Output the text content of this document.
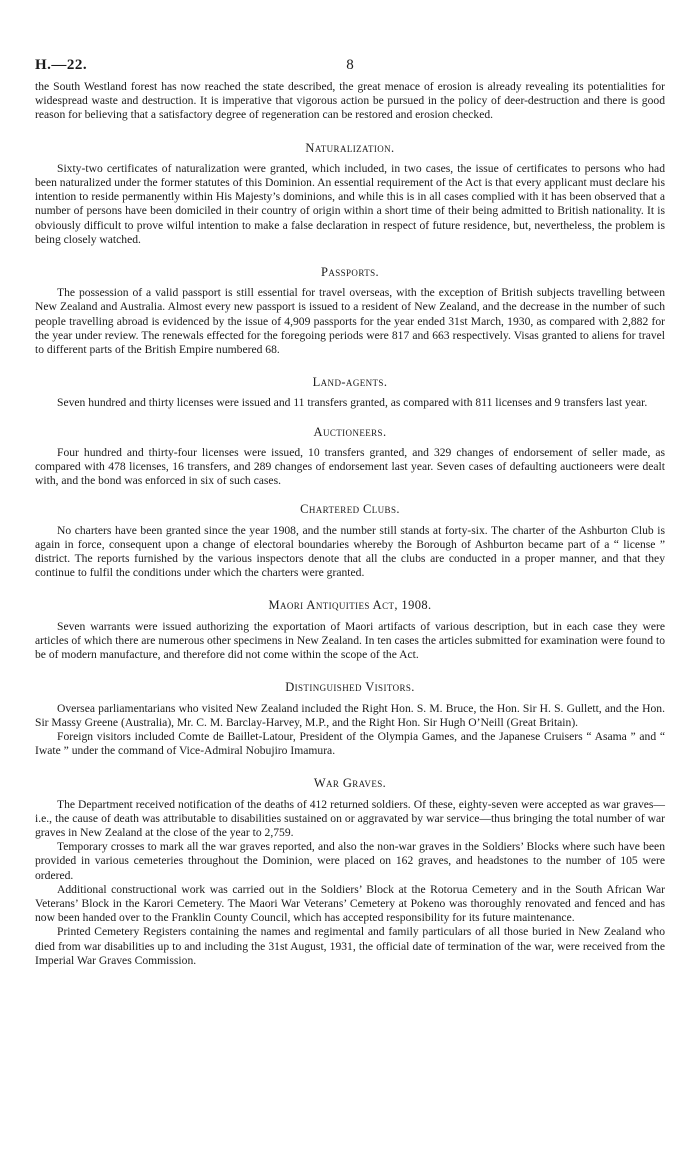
H.—22.	8

the South Westland forest has now reached the state described, the great menace of erosion is already revealing its potentialities for widespread waste and destruction. It is imperative that vigorous action be pursued in the policy of deer-destruction and there is good reason for believing that a satisfactory degree of regeneration can be restored and erosion checked.

Naturalization.

Sixty-two certificates of naturalization were granted, which included, in two cases, the issue of certificates to persons who had been naturalized under the former statutes of this Dominion. An essential requirement of the Act is that every applicant must declare his intention to reside permanently within His Majesty’s dominions, and while this is in all cases complied with it has been observed that a number of persons have been domiciled in their country of origin within a short time of their being admitted to British nationality. It is obviously difficult to prove wilful intention to make a false declaration in respect of future residence, but, nevertheless, the problem is being closely watched.

Passports.

The possession of a valid passport is still essential for travel overseas, with the exception of British subjects travelling between New Zealand and Australia. Almost every new passport is issued to a resident of New Zealand, and the decrease in the number of such people travelling abroad is evidenced by the issue of 4,909 passports for the year ended 31st March, 1930, as compared with 2,882 for the year under review. The renewals effected for the foregoing periods were 817 and 663 respectively. Visas granted to aliens for travel to different parts of the British Empire numbered 68.

Land-agents.

Seven hundred and thirty licenses were issued and 11 transfers granted, as compared with 811 licenses and 9 transfers last year.

Auctioneers.

Four hundred and thirty-four licenses were issued, 10 transfers granted, and 329 changes of endorsement of seller made, as compared with 478 licenses, 16 transfers, and 289 changes of endorsement last year. Seven cases of defaulting auctioneers were dealt with, and the bond was enforced in six of such cases.

Chartered Clubs.

No charters have been granted since the year 1908, and the number still stands at forty-six. The charter of the Ashburton Club is again in force, consequent upon a change of electoral boundaries whereby the Borough of Ashburton became part of a “ license ” district. The reports furnished by the various inspectors denote that all the clubs are conducted in a proper manner, and that they continue to fulfil the conditions under which the charters were granted.

Maori Antiquities Act, 1908.

Seven warrants were issued authorizing the exportation of Maori artifacts of various description, but in each case they were articles of which there are numerous other specimens in New Zealand. In ten cases the articles submitted for examination were found to be of modern manufacture, and therefore did not come within the scope of the Act.

Distinguished Visitors.

Oversea parliamentarians who visited New Zealand included the Right Hon. S. M. Bruce, the Hon. Sir H. S. Gullett, and the Hon. Sir Massy Greene (Australia), Mr. C. M. Barclay-Harvey, M.P., and the Right Hon. Sir Hugh O’Neill (Great Britain).

Foreign visitors included Comte de Baillet-Latour, President of the Olympia Games, and the Japanese Cruisers “ Asama ” and “ Iwate ” under the command of Vice-Admiral Nobujiro Imamura.

War Graves.

The Department received notification of the deaths of 412 returned soldiers. Of these, eighty-seven were accepted as war graves—i.e., the cause of death was attributable to disabilities sustained on or aggravated by war service—thus bringing the total number of war graves in New Zealand at the close of the year to 2,759.

Temporary crosses to mark all the war graves reported, and also the non-war graves in the Soldiers’ Blocks where such have been provided in various cemeteries throughout the Dominion, were placed on 162 graves, and headstones to the number of 105 were ordered.

Additional constructional work was carried out in the Soldiers’ Block at the Rotorua Cemetery and in the South African War Veterans’ Block in the Karori Cemetery. The Maori War Veterans’ Cemetery at Pokeno was thoroughly renovated and fenced and has now been handed over to the Franklin County Council, which has accepted responsibility for its future maintenance.

Printed Cemetery Registers containing the names and regimental and family particulars of all those buried in New Zealand who died from war disabilities up to and including the 31st August, 1931, the official date of termination of the war, were received from the Imperial War Graves Commission.
